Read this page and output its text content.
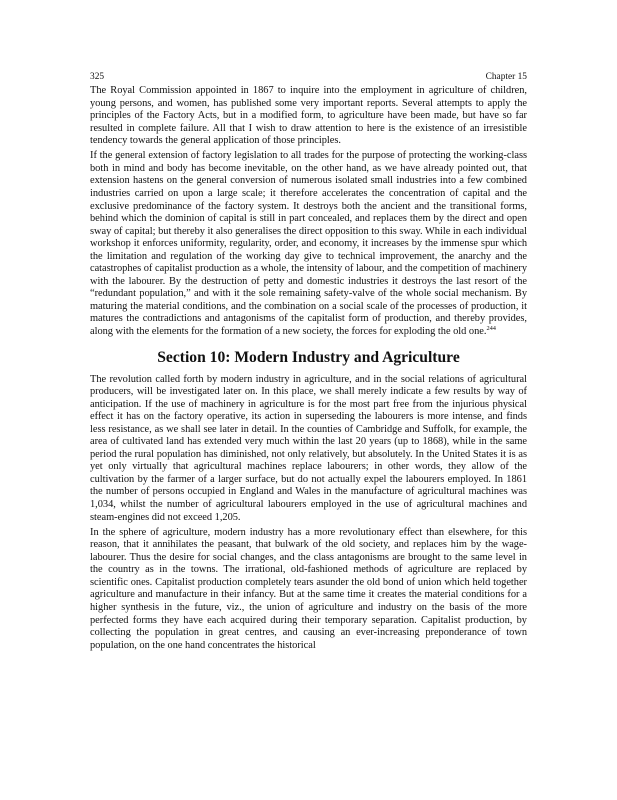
325	Chapter 15

The Royal Commission appointed in 1867 to inquire into the employment in agriculture of children, young persons, and women, has published some very important reports. Several attempts to apply the principles of the Factory Acts, but in a modified form, to agriculture have been made, but have so far resulted in complete failure. All that I wish to draw attention to here is the existence of an irresistible tendency towards the general application of those principles.

If the general extension of factory legislation to all trades for the purpose of protecting the working-class both in mind and body has become inevitable, on the other hand, as we have already pointed out, that extension hastens on the general conversion of numerous isolated small industries into a few combined industries carried on upon a large scale; it therefore accelerates the concentration of capital and the exclusive predominance of the factory system. It destroys both the ancient and the transitional forms, behind which the dominion of capital is still in part concealed, and replaces them by the direct and open sway of capital; but thereby it also generalises the direct opposition to this sway. While in each individual workshop it enforces uniformity, regularity, order, and economy, it increases by the immense spur which the limitation and regulation of the working day give to technical improvement, the anarchy and the catastrophes of capitalist production as a whole, the intensity of labour, and the competition of machinery with the labourer. By the destruction of petty and domestic industries it destroys the last resort of the “redundant population,” and with it the sole remaining safety-valve of the whole social mechanism. By maturing the material conditions, and the combination on a social scale of the processes of production, it matures the contradictions and antagonisms of the capitalist form of production, and thereby provides, along with the elements for the formation of a new society, the forces for exploding the old one.$^{244}$

Section 10: Modern Industry and Agriculture

The revolution called forth by modern industry in agriculture, and in the social relations of agricultural producers, will be investigated later on. In this place, we shall merely indicate a few results by way of anticipation. If the use of machinery in agriculture is for the most part free from the injurious physical effect it has on the factory operative, its action in superseding the labourers is more intense, and finds less resistance, as we shall see later in detail. In the counties of Cambridge and Suffolk, for example, the area of cultivated land has extended very much within the last 20 years (up to 1868), while in the same period the rural population has diminished, not only relatively, but absolutely. In the United States it is as yet only virtually that agricultural machines replace labourers; in other words, they allow of the cultivation by the farmer of a larger surface, but do not actually expel the labourers employed. In 1861 the number of persons occupied in England and Wales in the manufacture of agricultural machines was 1,034, whilst the number of agricultural labourers employed in the use of agricultural machines and steam-engines did not exceed 1,205.

In the sphere of agriculture, modern industry has a more revolutionary effect than elsewhere, for this reason, that it annihilates the peasant, that bulwark of the old society, and replaces him by the wage-labourer. Thus the desire for social changes, and the class antagonisms are brought to the same level in the country as in the towns. The irrational, old-fashioned methods of agriculture are replaced by scientific ones. Capitalist production completely tears asunder the old bond of union which held together agriculture and manufacture in their infancy. But at the same time it creates the material conditions for a higher synthesis in the future, viz., the union of agriculture and industry on the basis of the more perfected forms they have each acquired during their temporary separation. Capitalist production, by collecting the population in great centres, and causing an ever-increasing preponderance of town population, on the one hand concentrates the historical
